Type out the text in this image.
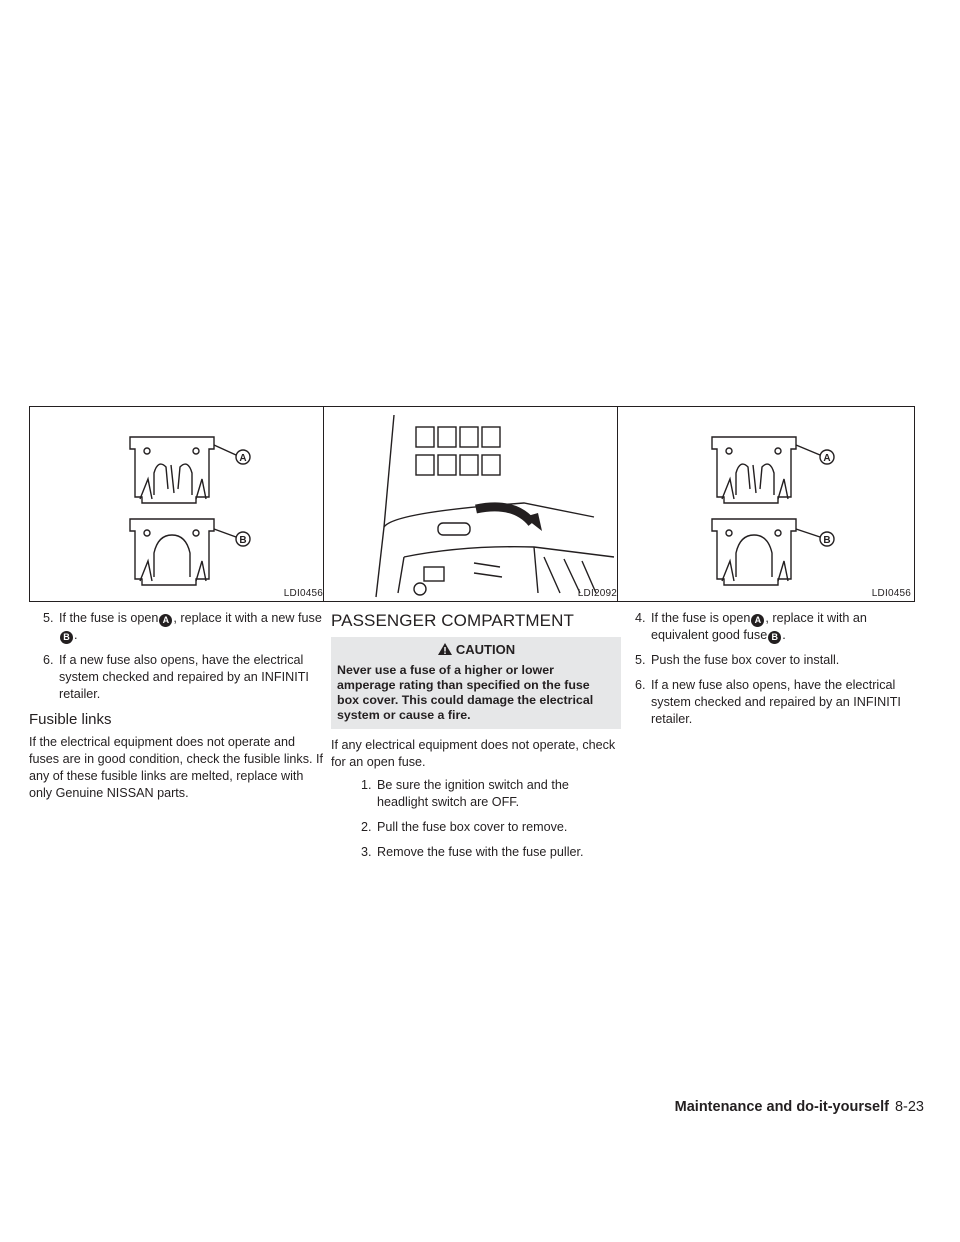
A
B
LDI0456
5. If the fuse is open A , replace it with a new fuseB .
6. If a new fuse also opens, have the electrical system checked and repaired by an INFINITI retailer.
Fusible links

If the electrical equipment does not operate and fuses are in good condition, check the fusible links. If any of these fusible links are melted, replace with only Genuine NISSAN parts.

LDI2092
PASSENGER COMPARTMENT
CAUTION
Never use a fuse of a higher or lower amperage rating than specified on the fuse box cover. This could damage the electrical system or cause a fire.

If any electrical equipment does not operate, check for an open fuse.

1. Be sure the ignition switch and the headlight switch are OFF.
2. Pull the fuse box cover to remove.
3. Remove the fuse with the fuse puller.
A
B
LDI0456
4. If the fuse is open A , replace it with an equivalent good fuse B .
5. Push the fuse box cover to install.
6. If a new fuse also opens, have the electrical system checked and repaired by an INFINITI retailer.
Maintenance and do-it-yourself 8-23
